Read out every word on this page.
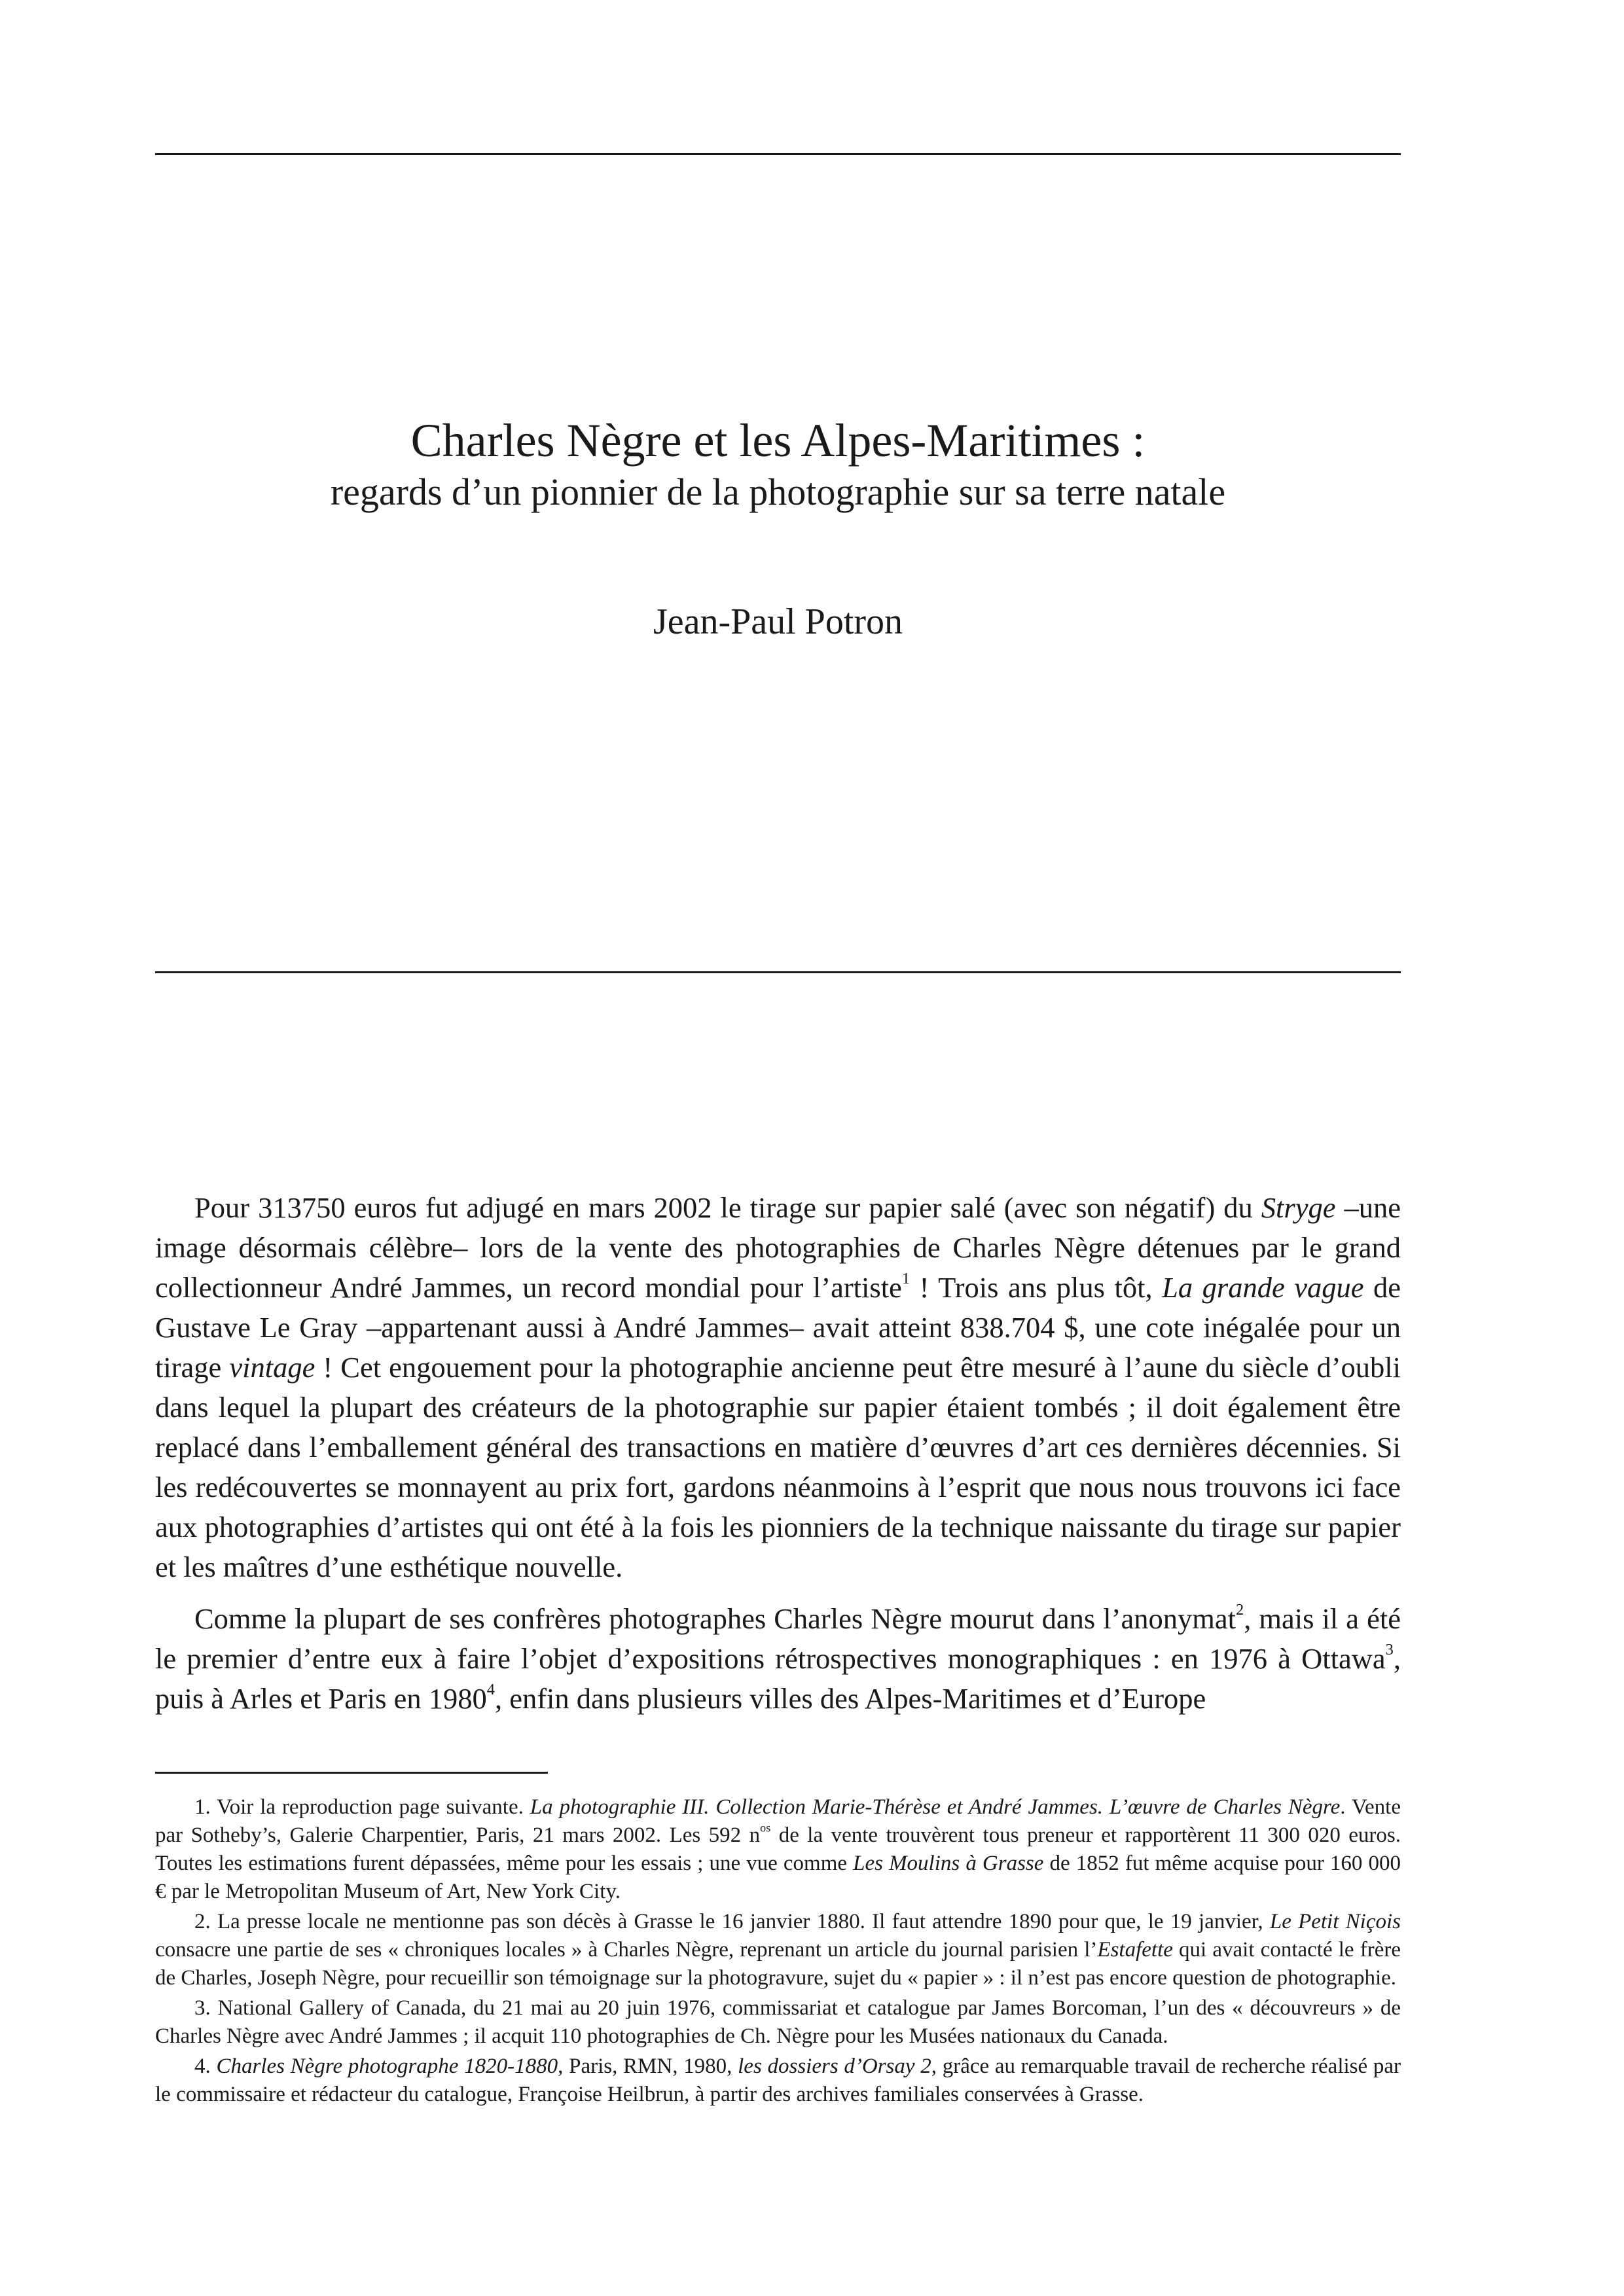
Charles Nègre et les Alpes-Maritimes :
regards d’un pionnier de la photographie sur sa terre natale
Jean-Paul Potron

Pour 313750 euros fut adjugé en mars 2002 le tirage sur papier salé (avec son négatif) du Stryge –une image désormais célèbre– lors de la vente des photographies de Charles Nègre détenues par le grand collectionneur André Jammes, un record mondial pour l’artiste$^1$ ! Trois ans plus tôt, La grande vague de Gustave Le Gray –appartenant aussi à André Jammes– avait atteint 838.704 $, une cote inégalée pour un tirage vintage ! Cet engouement pour la photographie ancienne peut être mesuré à l’aune du siècle d’oubli dans lequel la plupart des créateurs de la photographie sur papier étaient tombés ; il doit également être replacé dans l’emballement général des transactions en matière d’œuvres d’art ces dernières décennies. Si les redécouvertes se monnayent au prix fort, gardons néanmoins à l’esprit que nous nous trouvons ici face aux photographies d’artistes qui ont été à la fois les pionniers de la technique naissante du tirage sur papier et les maîtres d’une esthétique nouvelle.

Comme la plupart de ses confrères photographes Charles Nègre mourut dans l’anonymat$^2$, mais il a été le premier d’entre eux à faire l’objet d’expositions rétrospectives monographiques : en 1976 à Ottawa$^3$, puis à Arles et Paris en 1980$^4$, enfin dans plusieurs villes des Alpes-Maritimes et d’Europe

1. Voir la reproduction page suivante. La photographie III. Collection Marie-Thérèse et André Jammes. L’œuvre de Charles Nègre. Vente par Sotheby’s, Galerie Charpentier, Paris, 21 mars 2002. Les 592 $n^{os}$ de la vente trouvèrent tous preneur et rapportèrent 11 300 020 euros. Toutes les estimations furent dépassées, même pour les essais ; une vue comme Les Moulins à Grasse de 1852 fut même acquise pour 160 000 € par le Metropolitan Museum of Art, New York City.

2. La presse locale ne mentionne pas son décès à Grasse le 16 janvier 1880. Il faut attendre 1890 pour que, le 19 janvier, Le Petit Niçois consacre une partie de ses « chroniques locales » à Charles Nègre, reprenant un article du journal parisien l’Estafette qui avait contacté le frère de Charles, Joseph Nègre, pour recueillir son témoignage sur la photogravure, sujet du « papier » : il n’est pas encore question de photographie.

3. National Gallery of Canada, du 21 mai au 20 juin 1976, commissariat et catalogue par James Borcoman, l’un des « découvreurs » de Charles Nègre avec André Jammes ; il acquit 110 photographies de Ch. Nègre pour les Musées nationaux du Canada.

4. Charles Nègre photographe 1820-1880, Paris, RMN, 1980, les dossiers d’Orsay 2, grâce au remarquable travail de recherche réalisé par le commissaire et rédacteur du catalogue, Françoise Heilbrun, à partir des archives familiales conservées à Grasse.
